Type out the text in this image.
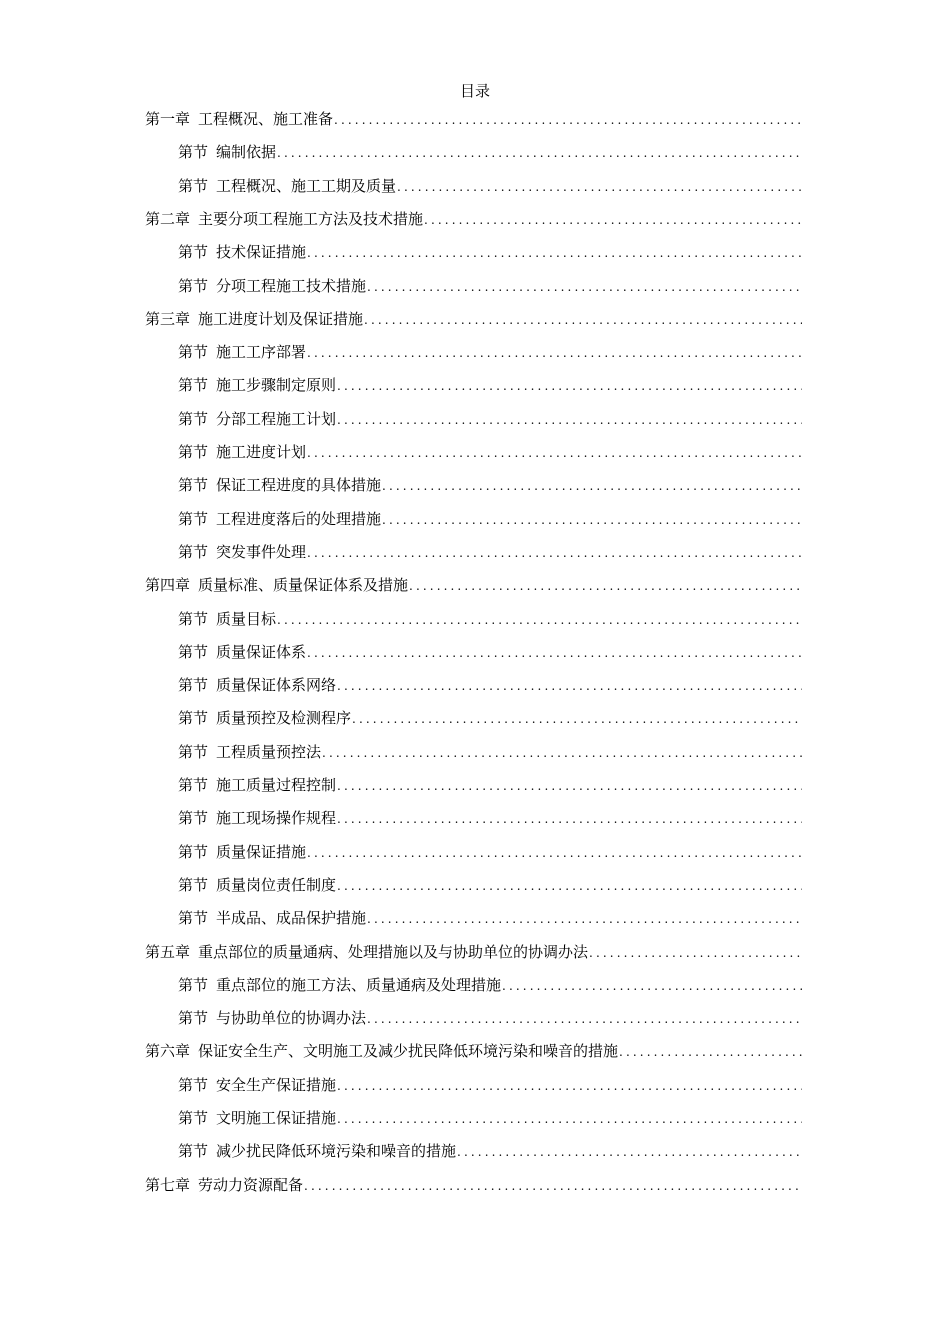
目录
第一章 工程概况、施工准备
.....
第节 编制依据
.....
第节 工程概况、施工工期及质量
.....
第二章 主要分项工程施工方法及技术措施
.....
第节 技术保证措施
.....
第节 分项工程施工技术措施
.....
第三章 施工进度计划及保证措施
.....
第节 施工工序部署
.....
第节 施工步骤制定原则
.....
第节 分部工程施工计划
.....
第节 施工进度计划
.....
第节 保证工程进度的具体措施
.....
第节 工程进度落后的处理措施
.....
第节 突发事件处理
.....
第四章 质量标准、质量保证体系及措施
.....
第节 质量目标
.....
第节 质量保证体系
.....
第节 质量保证体系网络
.....
第节 质量预控及检测程序
.....
第节 工程质量预控法
.....
第节 施工质量过程控制
.....
第节 施工现场操作规程
.....
第节 质量保证措施
.....
第节 质量岗位责任制度
.....
第节 半成品、成品保护措施
.....
第五章 重点部位的质量通病、处理措施以及与协助单位的协调办法
.....
第节 重点部位的施工方法、质量通病及处理措施
.....
第节 与协助单位的协调办法
.....
第六章 保证安全生产、文明施工及减少扰民降低环境污染和噪音的措施
.....
第节 安全生产保证措施
.....
第节 文明施工保证措施
.....
第节 减少扰民降低环境污染和噪音的措施
.....
第七章 劳动力资源配备
.....
